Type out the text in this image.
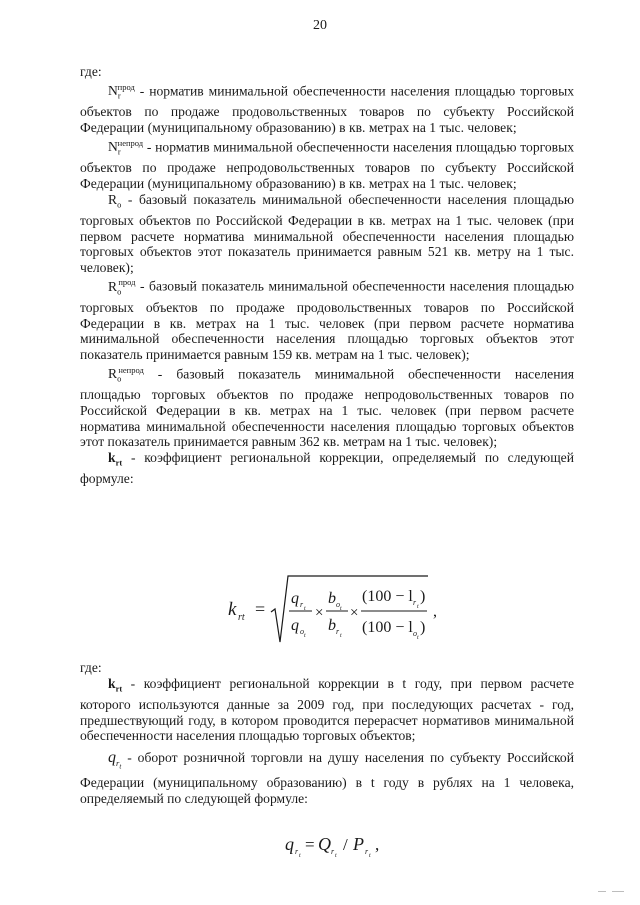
20

где:

$N_r^{прод}$ - норматив минимальной обеспеченности населения площадью торговых объектов по продаже продовольственных товаров по субъекту Российской Федерации (муниципальному образованию) в кв. метрах на 1 тыс. человек;

$N_r^{непрод}$ - норматив минимальной обеспеченности населения площадью торговых объектов по продаже непродовольственных товаров по субъекту Российской Федерации (муниципальному образованию) в кв. метрах на 1 тыс. человек;

$R_o$ - базовый показатель минимальной обеспеченности населения площадью торговых объектов по Российской Федерации в кв. метрах на 1 тыс. человек (при первом расчете норматива минимальной обеспеченности населения площадью торговых объектов этот показатель принимается равным 521 кв. метру на 1 тыс. человек);

$R_o^{прод}$ - базовый показатель минимальной обеспеченности населения площадью торговых объектов по продаже продовольственных товаров по Российской Федерации в кв. метрах на 1 тыс. человек (при первом расчете норматива минимальной обеспеченности населения площадью торговых объектов этот показатель принимается равным 159 кв. метрам на 1 тыс. человек);

$R_o^{непрод}$ - базовый показатель минимальной обеспеченности населения площадью торговых объектов по продаже непродовольственных товаров по Российской Федерации в кв. метрах на 1 тыс. человек (при первом расчете норматива минимальной обеспеченности населения площадью торговых объектов этот показатель принимается равным 362 кв. метрам на 1 тыс. человек);

$k_{rt}$ - коэффициент региональной коррекции, определяемый по следующей формуле:

где:

$k_{rt}$ - коэффициент региональной коррекции в t году, при первом расчете которого используются данные за 2009 год, при последующих расчетах - год, предшествующий году, в котором проводится перерасчет нормативов минимальной обеспеченности населения площадью торговых объектов;

$q_{r_t}$ - оборот розничной торговли на душу населения по субъекту Российской Федерации (муниципальному образованию) в t году в рублях на 1 человека, определяемый по следующей формуле:

k rt =
q r t
q o t
×
b o t
b r t
×
(100 − l r t
)
(100 − l o t
)
,
q r t
= Q r t
/ P r t
,
